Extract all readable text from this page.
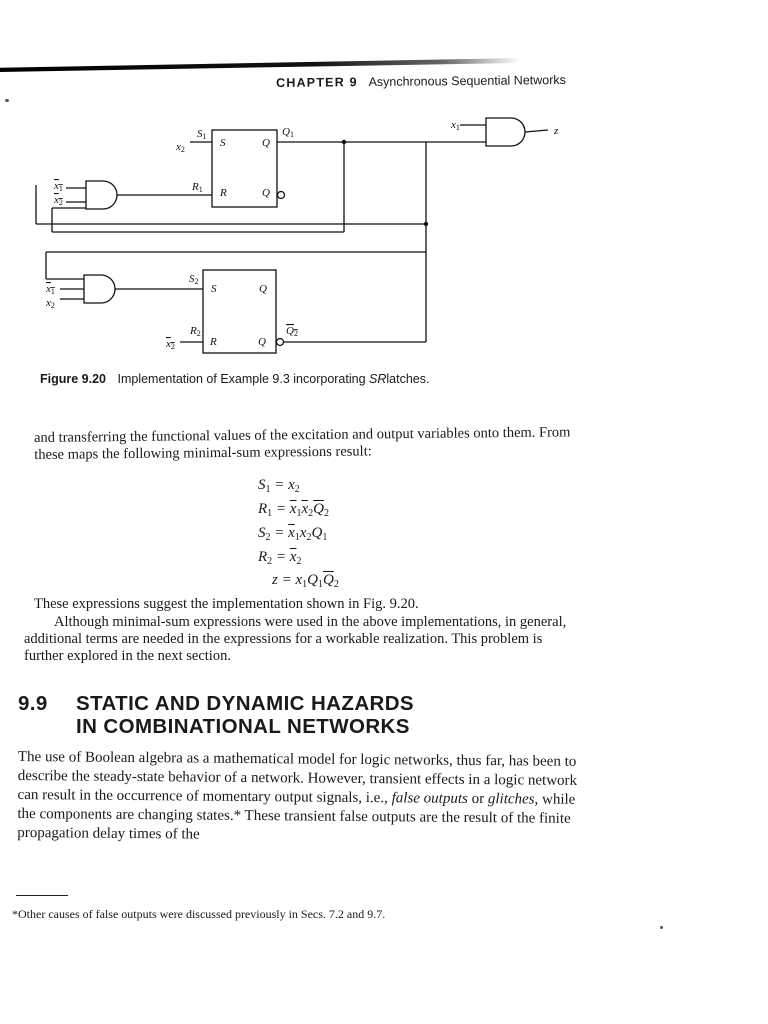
CHAPTER 9 Asynchronous Sequential Networks
S	Q
R	Q
S	Q
R	Q
S1
x2
R1
Q1
S2
R2
x2
Q2
x1	z
x1
x2
x1
x2
Figure 9.20 Implementation of Example 9.3 incorporating SRlatches.
and transferring the functional values of the excitation and output variables onto them. From these maps the following minimal-sum expressions result:
$S_1 = x_2$
$R_1 = \overline{x}_1\overline{x}_2\overline{Q}_2$
$S_2 = \overline{x}_1x_2Q_1$
$R_2 = \overline{x}_2$
$z = x_1Q_1\overline{Q}_2$
These expressions suggest the implementation shown in Fig. 9.20.
Although minimal-sum expressions were used in the above implementations, in general, additional terms are needed in the expressions for a workable realization. This problem is further explored in the next section.
9.9 STATIC AND DYNAMIC HAZARDS
IN COMBINATIONAL NETWORKS
The use of Boolean algebra as a mathematical model for logic networks, thus far, has been to describe the steady-state behavior of a network. However, transient effects in a logic network can result in the occurrence of momentary output signals, i.e., false outputs or glitches, while the components are changing states.* These transient false outputs are the result of the finite propagation delay times of the
*Other causes of false outputs were discussed previously in Secs. 7.2 and 9.7.
